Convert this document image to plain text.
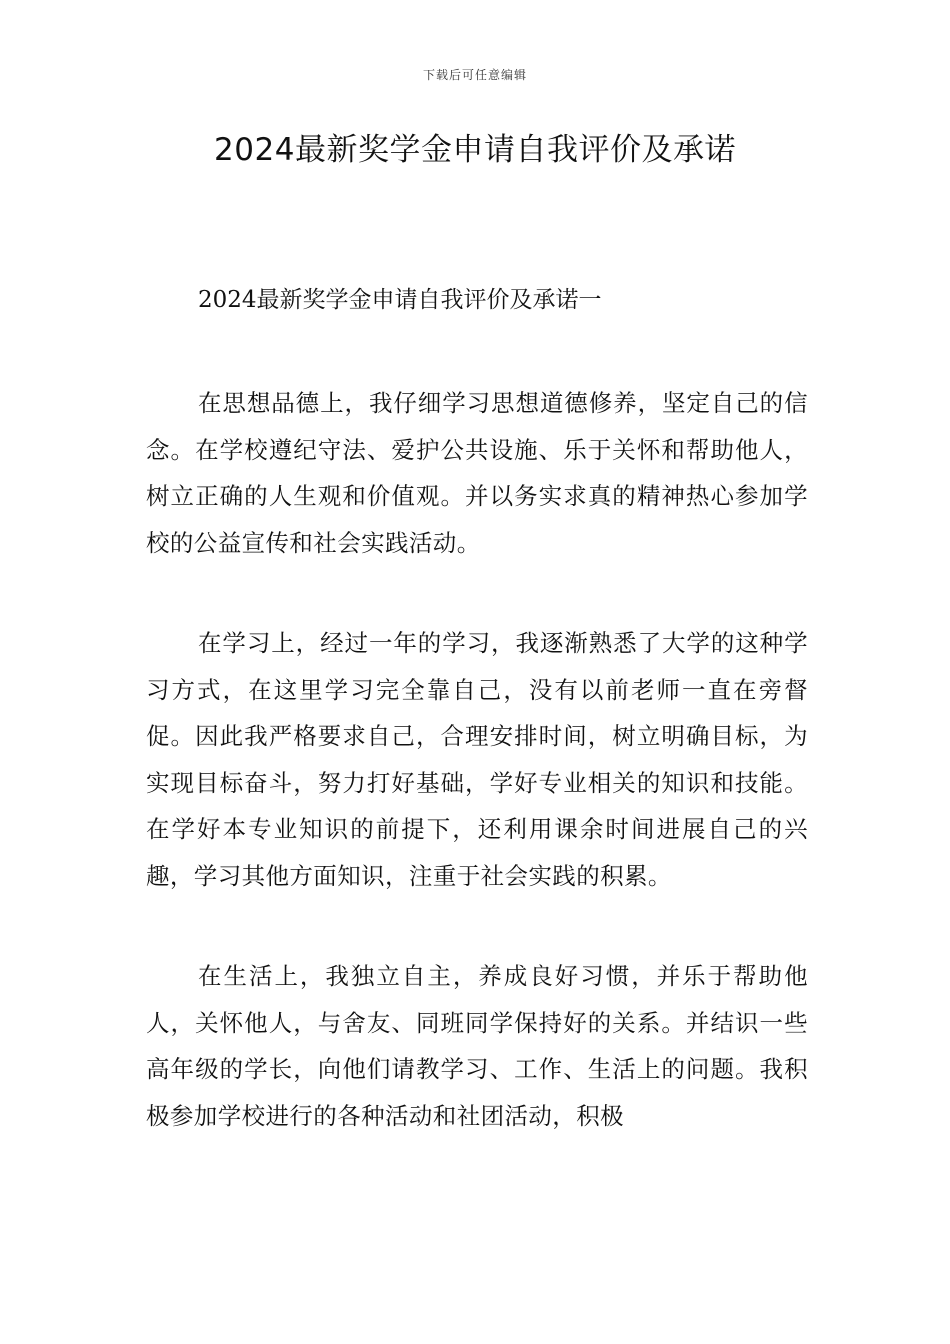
下载后可任意编辑
2024最新奖学金申请自我评价及承诺

2024最新奖学金申请自我评价及承诺一

在思想品德上，我仔细学习思想道德修养，坚定自己的信念。在学校遵纪守法、爱护公共设施、乐于关怀和帮助他人，树立正确的人生观和价值观。并以务实求真的精神热心参加学校的公益宣传和社会实践活动。

在学习上，经过一年的学习，我逐渐熟悉了大学的这种学习方式，在这里学习完全靠自己，没有以前老师一直在旁督促。因此我严格要求自己，合理安排时间，树立明确目标，为实现目标奋斗，努力打好基础，学好专业相关的知识和技能。在学好本专业知识的前提下，还利用课余时间进展自己的兴趣，学习其他方面知识，注重于社会实践的积累。

在生活上，我独立自主，养成良好习惯，并乐于帮助他人，关怀他人，与舍友、同班同学保持好的关系。并结识一些高年级的学长，向他们请教学习、工作、生活上的问题。我积极参加学校进行的各种活动和社团活动，积极
